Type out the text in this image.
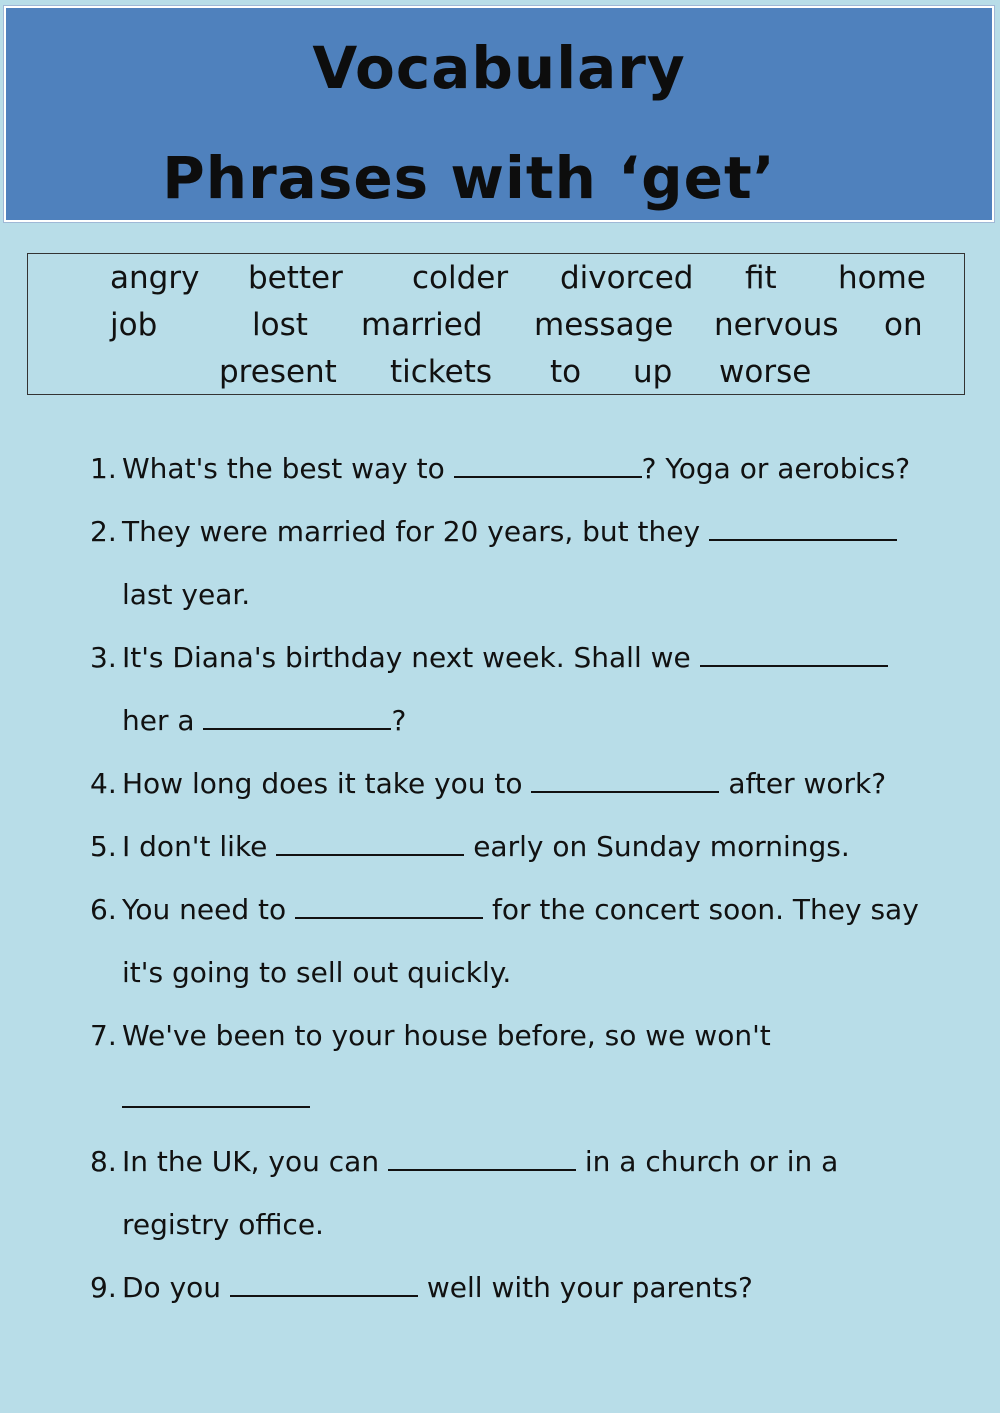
Vocabulary
Phrases with ‘get’
angry better colder divorced fit home
job	lost married message nervous on
present tickets to up worse
1. What's the best way to	? Yoga or aerobics?
2. They were married for 20 years, but they
last year.
3. It's Diana's birthday next week. Shall we
her a	?
4. How long does it take you to	after work?
5. I don't like	early on Sunday mornings.
6. You need to	for the concert soon. They say
it's going to sell out quickly.
7. We've been to your house before, so we won't
8. In the UK, you can	in a church or in a
registry office.
9. Do you	well with your parents?
